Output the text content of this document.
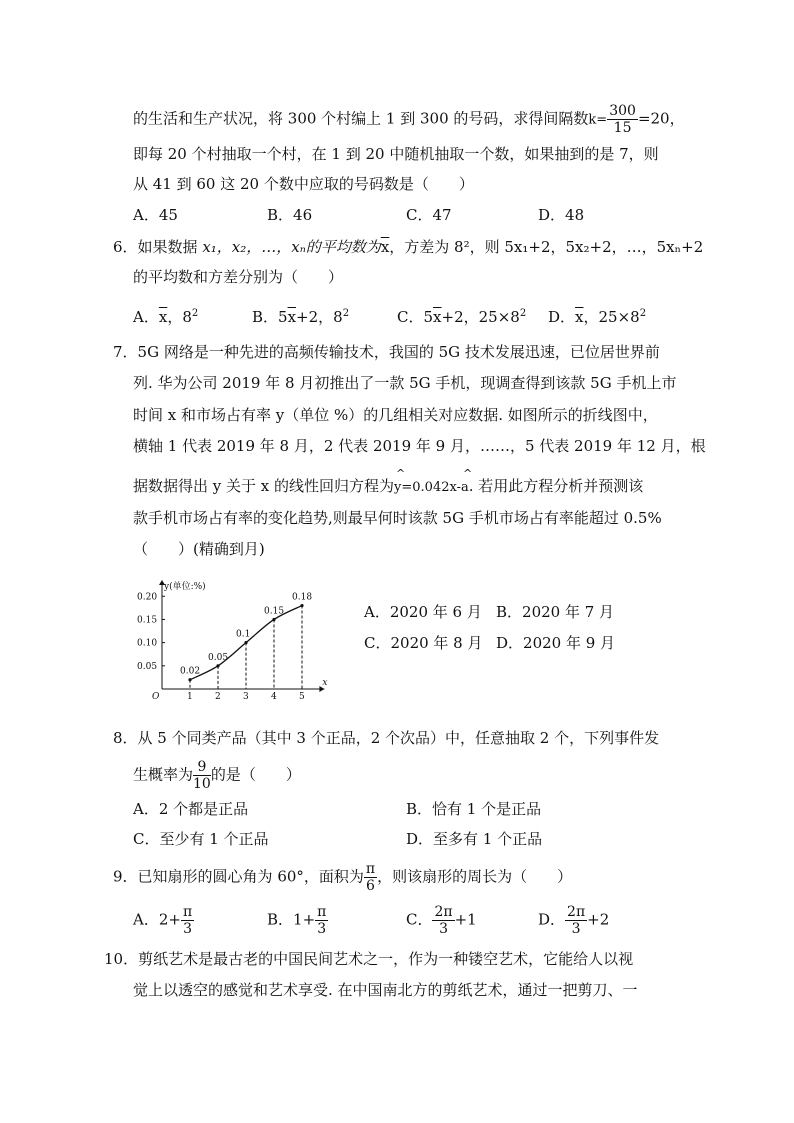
的生活和生产状况，将 300 个村编上 1 到 300 的号码，求得间隔数$k= \frac{300}{15} =20$，
即每 20 个村抽取一个村，在 1 到 20 中随机抽取一个数，如果抽到的是 7，则
从 41 到 60 这 20 个数中应取的号码数是（　　）
A．45	B．46	C．47	D．48
6．如果数据 x₁，x₂，…，xₙ的平均数为$\overline{x}$，方差为 8²，则 5x₁+2，5x₂+2，…，5xₙ+2
的平均数和方差分别为（　　）
A．$\overline{x}$，$8^2$	B．$5\overline{x}+2$，$8^2$	C．$5\overline{x}+2$，$25\times 8^2$ D．$\overline{x}$，$25\times 8^2$
7．5G 网络是一种先进的高频传输技术，我国的 5G 技术发展迅速，已位居世界前
列. 华为公司 2019 年 8 月初推出了一款 5G 手机，现调查得到该款 5G 手机上市
时间 x 和市场占有率 y（单位 %）的几组相关对应数据. 如图所示的折线图中，
横轴 1 代表 2019 年 8 月，2 代表 2019 年 9 月，……，5 代表 2019 年 12 月，根
据数据得出 y 关于 x 的线性回归方程为
^
y=0.042x-
^
a. 若用此方程分析并预测该
款手机市场占有率的变化趋势,则最早何时该款 5G 手机市场占有率能超过 0.5%
（　　）(精确到月)
y(单位:%)
x
O
0.05
0.10
0.15
0.20
1 2 3 4 5
0.02
0.05
0.1
0.15
0.18
A．2020 年 6 月 B．2020 年 7 月
C．2020 年 8 月 D．2020 年 9 月
8．从 5 个同类产品（其中 3 个正品，2 个次品）中，任意抽取 2 个，下列事件发
生概率为 $\frac{9}{10}$ 的是（　　）
A．2 个都是正品	B．恰有 1 个是正品
C．至少有 1 个正品	D．至多有 1 个正品
9．已知扇形的圆心角为 60°，面积为 $\frac{\pi}{6}$ ，则该扇形的周长为（　　）
A．$2+ \frac{\pi}{3}$	B．$1+ \frac{\pi}{3}$	C． $\frac{2\pi}{3} +1$	D． $\frac{2\pi}{3} +2$
10．剪纸艺术是最古老的中国民间艺术之一，作为一种镂空艺术，它能给人以视
觉上以透空的感觉和艺术享受. 在中国南北方的剪纸艺术，通过一把剪刀、一
